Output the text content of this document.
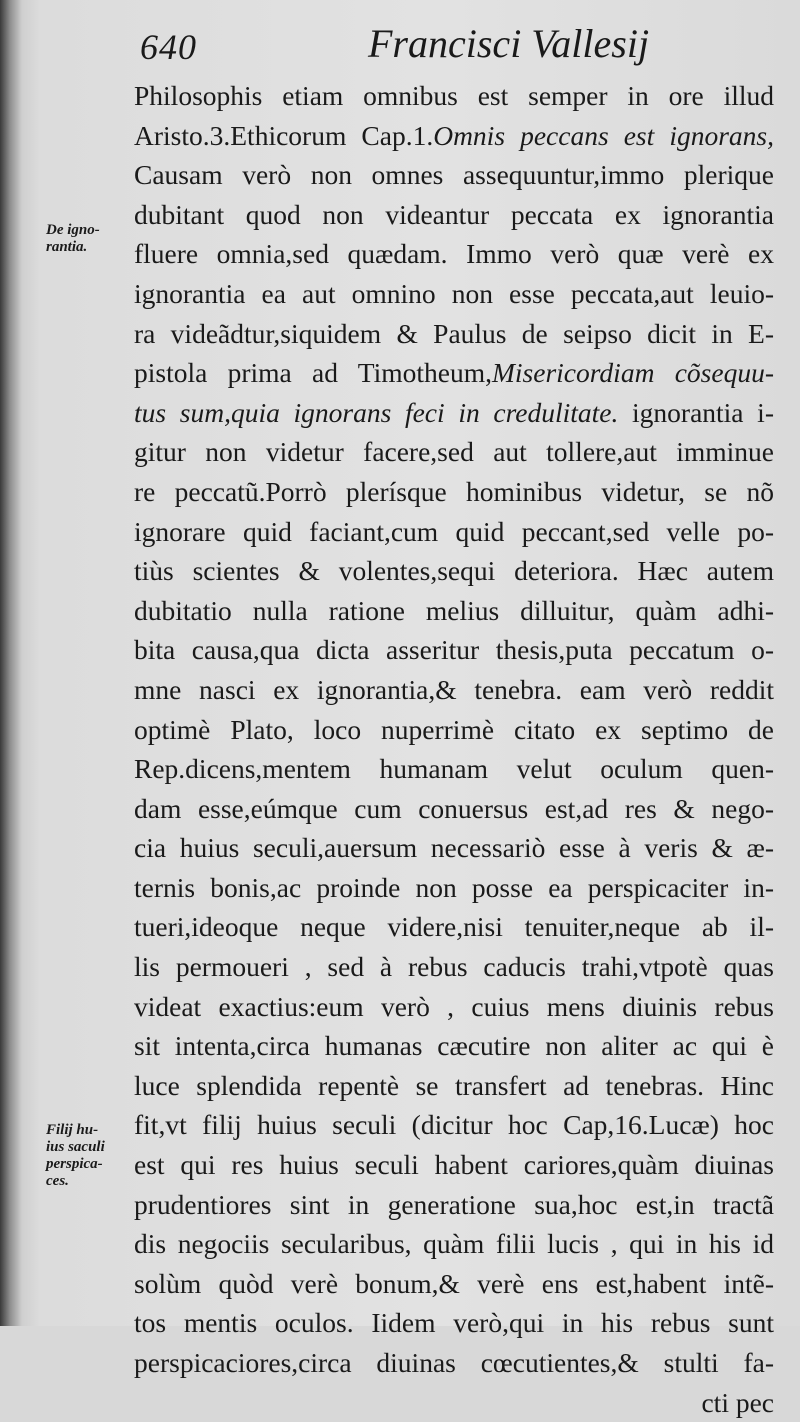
640	Francisci Vallesij
De igno-
rantia.
Filij hu-
ius saculi
perspica-
ces.
Philosophis etiam omnibus est semper in ore illud
Aristo.3.Ethicorum Cap.1.Omnis peccans est ignorans,
Causam verò non omnes assequuntur,immo plerique
dubitant quod non videantur peccata ex ignorantia
fluere omnia,sed quædam. Immo verò quæ verè ex
ignorantia ea aut omnino non esse peccata,aut leuio-
ra videãdtur,siquidem & Paulus de seipso dicit in E-
pistola prima ad Timotheum,Misericordiam cõsequu-
tus sum,quia ignorans feci in credulitate. ignorantia i-
gitur non videtur facere,sed aut tollere,aut imminue
re peccatũ.Porrò plerísque hominibus videtur, se nõ
ignorare quid faciant,cum quid peccant,sed velle po-
tiùs scientes & volentes,sequi deteriora. Hæc autem
dubitatio nulla ratione melius dilluitur, quàm adhi-
bita causa,qua dicta asseritur thesis,puta peccatum o-
mne nasci ex ignorantia,& tenebra. eam verò reddit
optimè Plato, loco nuperrimè citato ex septimo de
Rep.dicens,mentem humanam velut oculum quen-
dam esse,eúmque cum conuersus est,ad res & nego-
cia huius seculi,auersum necessariò esse à veris & æ-
ternis bonis,ac proinde non posse ea perspicaciter in-
tueri,ideoque neque videre,nisi tenuiter,neque ab il-
lis permoueri , sed à rebus caducis trahi,vtpotè quas
videat exactius:eum verò , cuius mens diuinis rebus
sit intenta,circa humanas cæcutire non aliter ac qui è
luce splendida repentè se transfert ad tenebras. Hinc
fit,vt filij huius seculi (dicitur hoc Cap,16.Lucæ) hoc
est qui res huius seculi habent cariores,quàm diuinas
prudentiores sint in generatione sua,hoc est,in tractã
dis negociis secularibus, quàm filii lucis , qui in his id
solùm quòd verè bonum,& verè ens est,habent intẽ-
tos mentis oculos. Iidem verò,qui in his rebus sunt
perspicaciores,circa diuinas cœcutientes,& stulti fa-
cti pec
